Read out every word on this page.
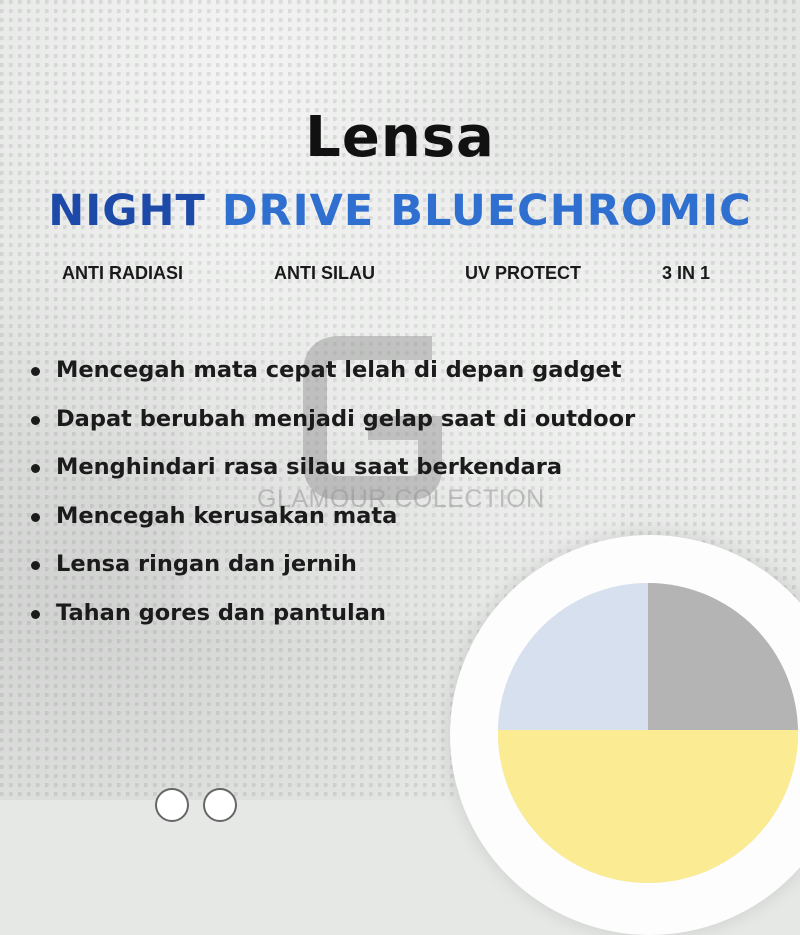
Lensa
NIGHT DRIVE BLUECHROMIC
ANTI RADIASI	ANTI SILAU	UV PROTECT	3 IN 1
GLAMOUR COLECTION
Mencegah mata cepat lelah di depan gadget
Dapat berubah menjadi gelap saat di outdoor
Menghindari rasa silau saat berkendara
Mencegah kerusakan mata
Lensa ringan dan jernih
Tahan gores dan pantulan
